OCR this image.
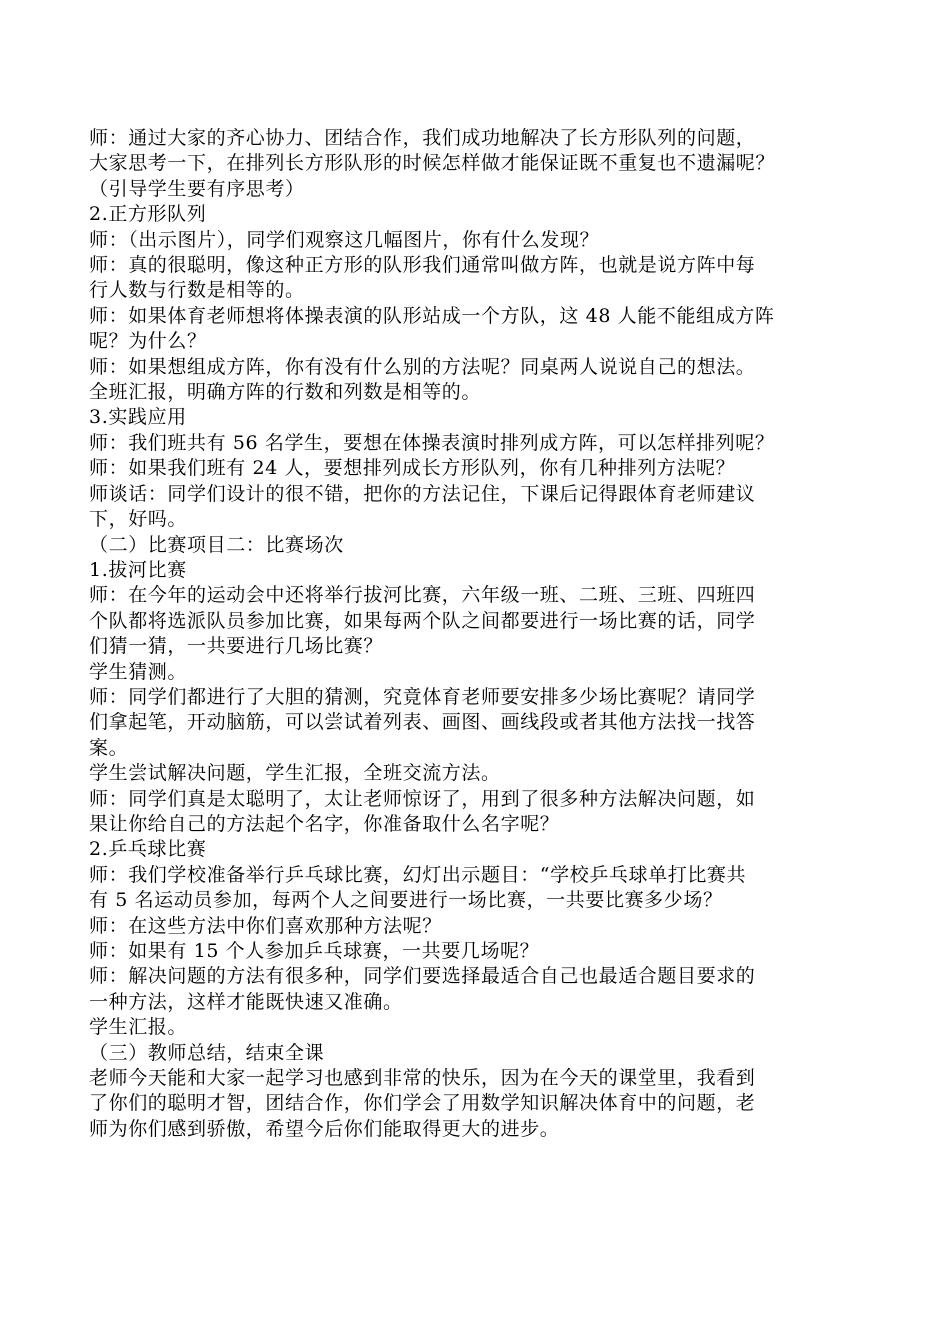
师：通过大家的齐心协力、团结合作，我们成功地解决了长方形队列的问题，
大家思考一下，在排列长方形队形的时候怎样做才能保证既不重复也不遗漏呢？
（引导学生要有序思考）
2.正方形队列
师：（出示图片），同学们观察这几幅图片，你有什么发现？
师：真的很聪明，像这种正方形的队形我们通常叫做方阵，也就是说方阵中每
行人数与行数是相等的。
师：如果体育老师想将体操表演的队形站成一个方队，这 48 人能不能组成方阵
呢？为什么？
师：如果想组成方阵，你有没有什么别的方法呢？同桌两人说说自己的想法。
全班汇报，明确方阵的行数和列数是相等的。
3.实践应用
师：我们班共有 56 名学生，要想在体操表演时排列成方阵，可以怎样排列呢？
师：如果我们班有 24 人，要想排列成长方形队列，你有几种排列方法呢？
师谈话：同学们设计的很不错，把你的方法记住，下课后记得跟体育老师建议
下，好吗。
（二）比赛项目二：比赛场次
1.拔河比赛
师：在今年的运动会中还将举行拔河比赛，六年级一班、二班、三班、四班四
个队都将选派队员参加比赛，如果每两个队之间都要进行一场比赛的话，同学
们猜一猜，一共要进行几场比赛？
学生猜测。
师：同学们都进行了大胆的猜测，究竟体育老师要安排多少场比赛呢？请同学
们拿起笔，开动脑筋，可以尝试着列表、画图、画线段或者其他方法找一找答
案。
学生尝试解决问题，学生汇报，全班交流方法。
师：同学们真是太聪明了，太让老师惊讶了，用到了很多种方法解决问题，如
果让你给自己的方法起个名字，你准备取什么名字呢？
2.乒乓球比赛
师：我们学校准备举行乒乓球比赛，幻灯出示题目：“学校乒乓球单打比赛共
有 5 名运动员参加，每两个人之间要进行一场比赛，一共要比赛多少场？
师：在这些方法中你们喜欢那种方法呢？
师：如果有 15 个人参加乒乓球赛，一共要几场呢？
师：解决问题的方法有很多种，同学们要选择最适合自己也最适合题目要求的
一种方法，这样才能既快速又准确。
学生汇报。
（三）教师总结，结束全课
老师今天能和大家一起学习也感到非常的快乐，因为在今天的课堂里，我看到
了你们的聪明才智，团结合作，你们学会了用数学知识解决体育中的问题，老
师为你们感到骄傲，希望今后你们能取得更大的进步。
